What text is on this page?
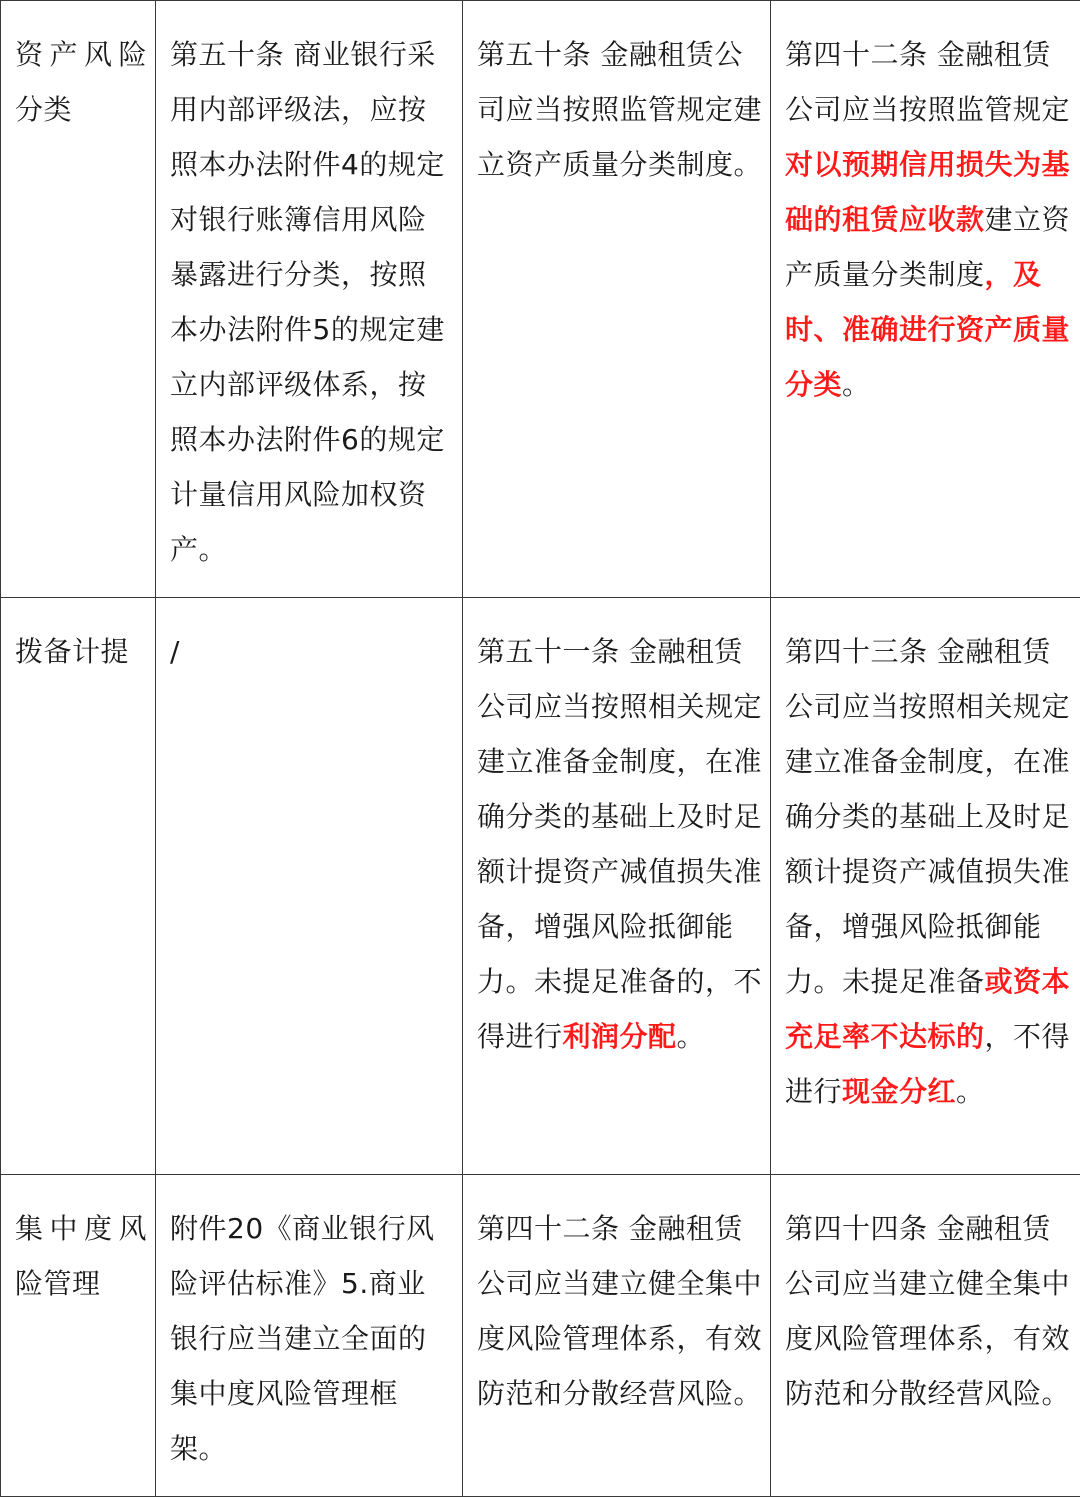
资产风险分类	第五十条 商业银行采用内部评级法，应按照本办法附件4的规定对银行账簿信用风险暴露进行分类，按照本办法附件5的规定建立内部评级体系，按照本办法附件6的规定计量信用风险加权资产。	第五十条 金融租赁公司应当按照监管规定建立资产质量分类制度。	第四十二条 金融租赁公司应当按照监管规定对以预期信用损失为基础的租赁应收款建立资产质量分类制度，及时、准确进行资产质量分类。
拨备计提	/	第五十一条 金融租赁公司应当按照相关规定建立准备金制度，在准确分类的基础上及时足额计提资产减值损失准备，增强风险抵御能力。未提足准备的，不得进行利润分配。	第四十三条 金融租赁公司应当按照相关规定建立准备金制度，在准确分类的基础上及时足额计提资产减值损失准备，增强风险抵御能力。未提足准备或资本充足率不达标的，不得进行现金分红。
集中度风险管理	附件20《商业银行风险评估标准》5.商业银行应当建立全面的集中度风险管理框架。	第四十二条 金融租赁公司应当建立健全集中度风险管理体系，有效防范和分散经营风险。	第四十四条 金融租赁公司应当建立健全集中度风险管理体系，有效防范和分散经营风险。
